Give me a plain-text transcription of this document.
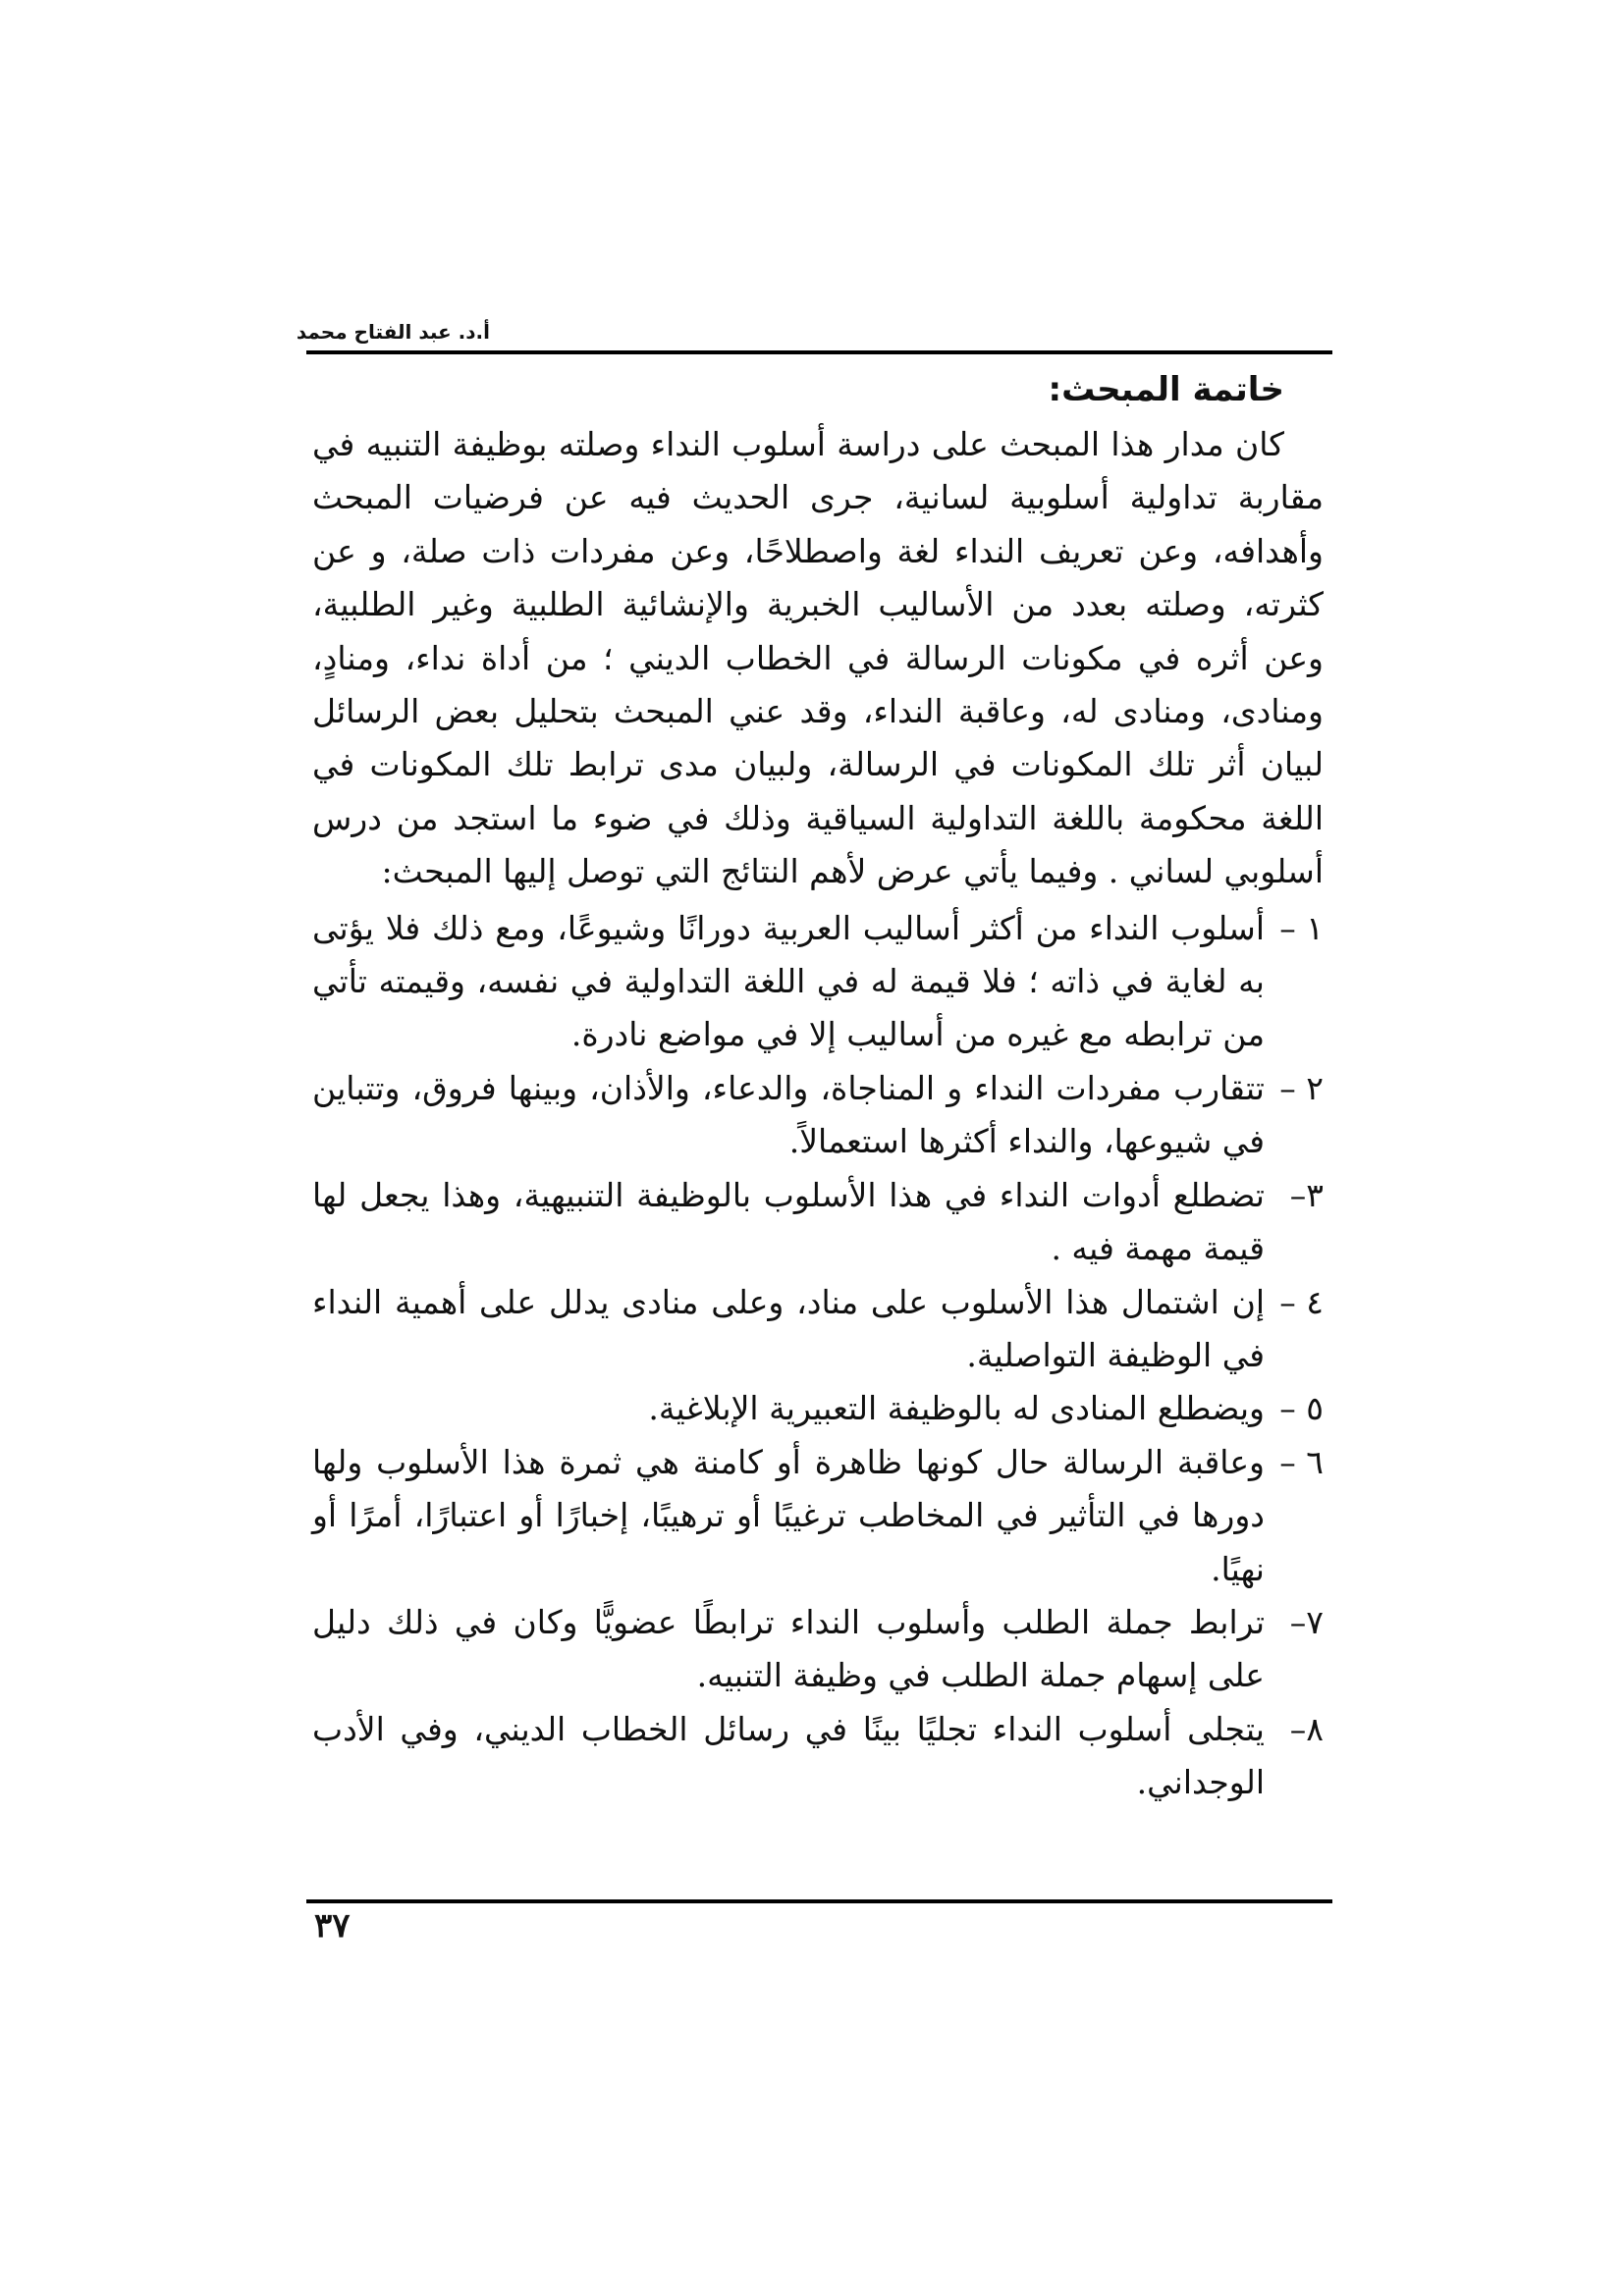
أ.د. عبد الفتاح محمد
خاتمة المبحث:

كان مدار هذا المبحث على دراسة أسلوب النداء وصلته بوظيفة التنبيه في مقاربة تداولية أسلوبية لسانية، جرى الحديث فيه عن فرضيات المبحث وأهدافه، وعن تعريف النداء لغة واصطلاحًا، وعن مفردات ذات صلة، و عن كثرته، وصلته بعدد من الأساليب الخبرية والإنشائية الطلبية وغير الطلبية، وعن أثره في مكونات الرسالة في الخطاب الديني ؛ من أداة نداء، ومنادٍ، ومنادى، ومنادى له، وعاقبة النداء، وقد عني المبحث بتحليل بعض الرسائل لبيان أثر تلك المكونات في الرسالة، ولبيان مدى ترابط تلك المكونات في اللغة محكومة باللغة التداولية السياقية وذلك في ضوء ما استجد من درس أسلوبي لساني . وفيما يأتي عرض لأهم النتائج التي توصل إليها المبحث:

١ –
أسلوب النداء من أكثر أساليب العربية دورانًا وشيوعًا، ومع ذلك فلا يؤتى به لغاية في ذاته ؛ فلا قيمة له في اللغة التداولية في نفسه، وقيمته تأتي من ترابطه مع غيره من أساليب إلا في مواضع نادرة.
٢ –
تتقارب مفردات النداء و المناجاة، والدعاء، والأذان، وبينها فروق، وتتباين في شيوعها، والنداء أكثرها استعمالاً.
٣–
تضطلع أدوات النداء في هذا الأسلوب بالوظيفة التنبيهية، وهذا يجعل لها قيمة مهمة فيه .
٤ –
إن اشتمال هذا الأسلوب على مناد، وعلى منادى يدلل على أهمية النداء في الوظيفة التواصلية.
٥ –
ويضطلع المنادى له بالوظيفة التعبيرية الإبلاغية.
٦ –
وعاقبة الرسالة حال كونها ظاهرة أو كامنة هي ثمرة هذا الأسلوب ولها دورها في التأثير في المخاطب ترغيبًا أو ترهيبًا، إخبارًا أو اعتبارًا، أمرًا أو نهيًا.
٧–
ترابط جملة الطلب وأسلوب النداء ترابطًا عضويًّا وكان في ذلك دليل على إسهام جملة الطلب في وظيفة التنبيه.
٨–
يتجلى أسلوب النداء تجليًا بينًا في رسائل الخطاب الديني، وفي الأدب الوجداني.
٣٧
